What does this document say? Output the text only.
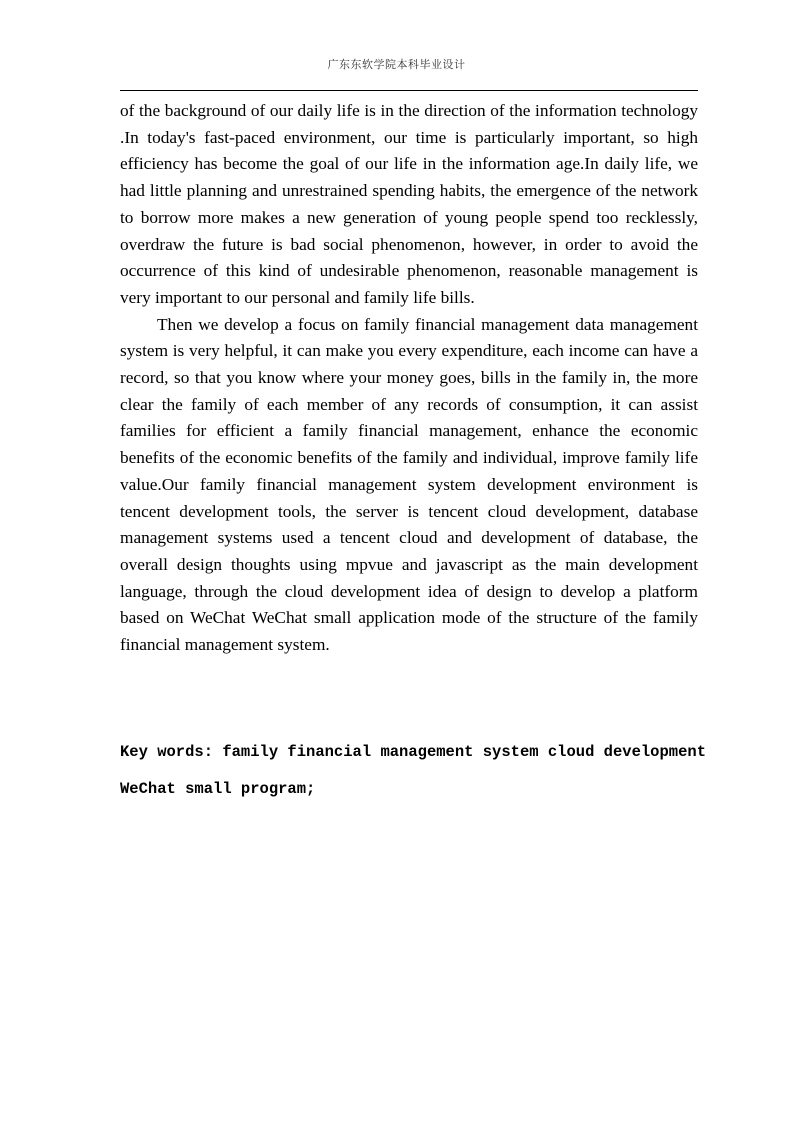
广东东软学院本科毕业设计

of the background of our daily life is in the direction of the information technology .In today's fast-paced environment, our time is particularly important, so high efficiency has become the goal of our life in the information age.In daily life, we had little planning and unrestrained spending habits, the emergence of the network to borrow more makes a new generation of young people spend too recklessly, overdraw the future is bad social phenomenon, however, in order to avoid the occurrence of this kind of undesirable phenomenon, reasonable management is very important to our personal and family life bills.

Then we develop a focus on family financial management data management system is very helpful, it can make you every expenditure, each income can have a record, so that you know where your money goes, bills in the family in, the more clear the family of each member of any records of consumption, it can assist families for efficient a family financial management, enhance the economic benefits of the economic benefits of the family and individual, improve family life value.Our family financial management system development environment is tencent development tools, the server is tencent cloud development, database management systems used a tencent cloud and development of database, the overall design thoughts using mpvue and javascript as the main development language, through the cloud development idea of design to develop a platform based on WeChat WeChat small application mode of the structure of the family financial management system.

Key words: family financial management system cloud development
WeChat small program;
